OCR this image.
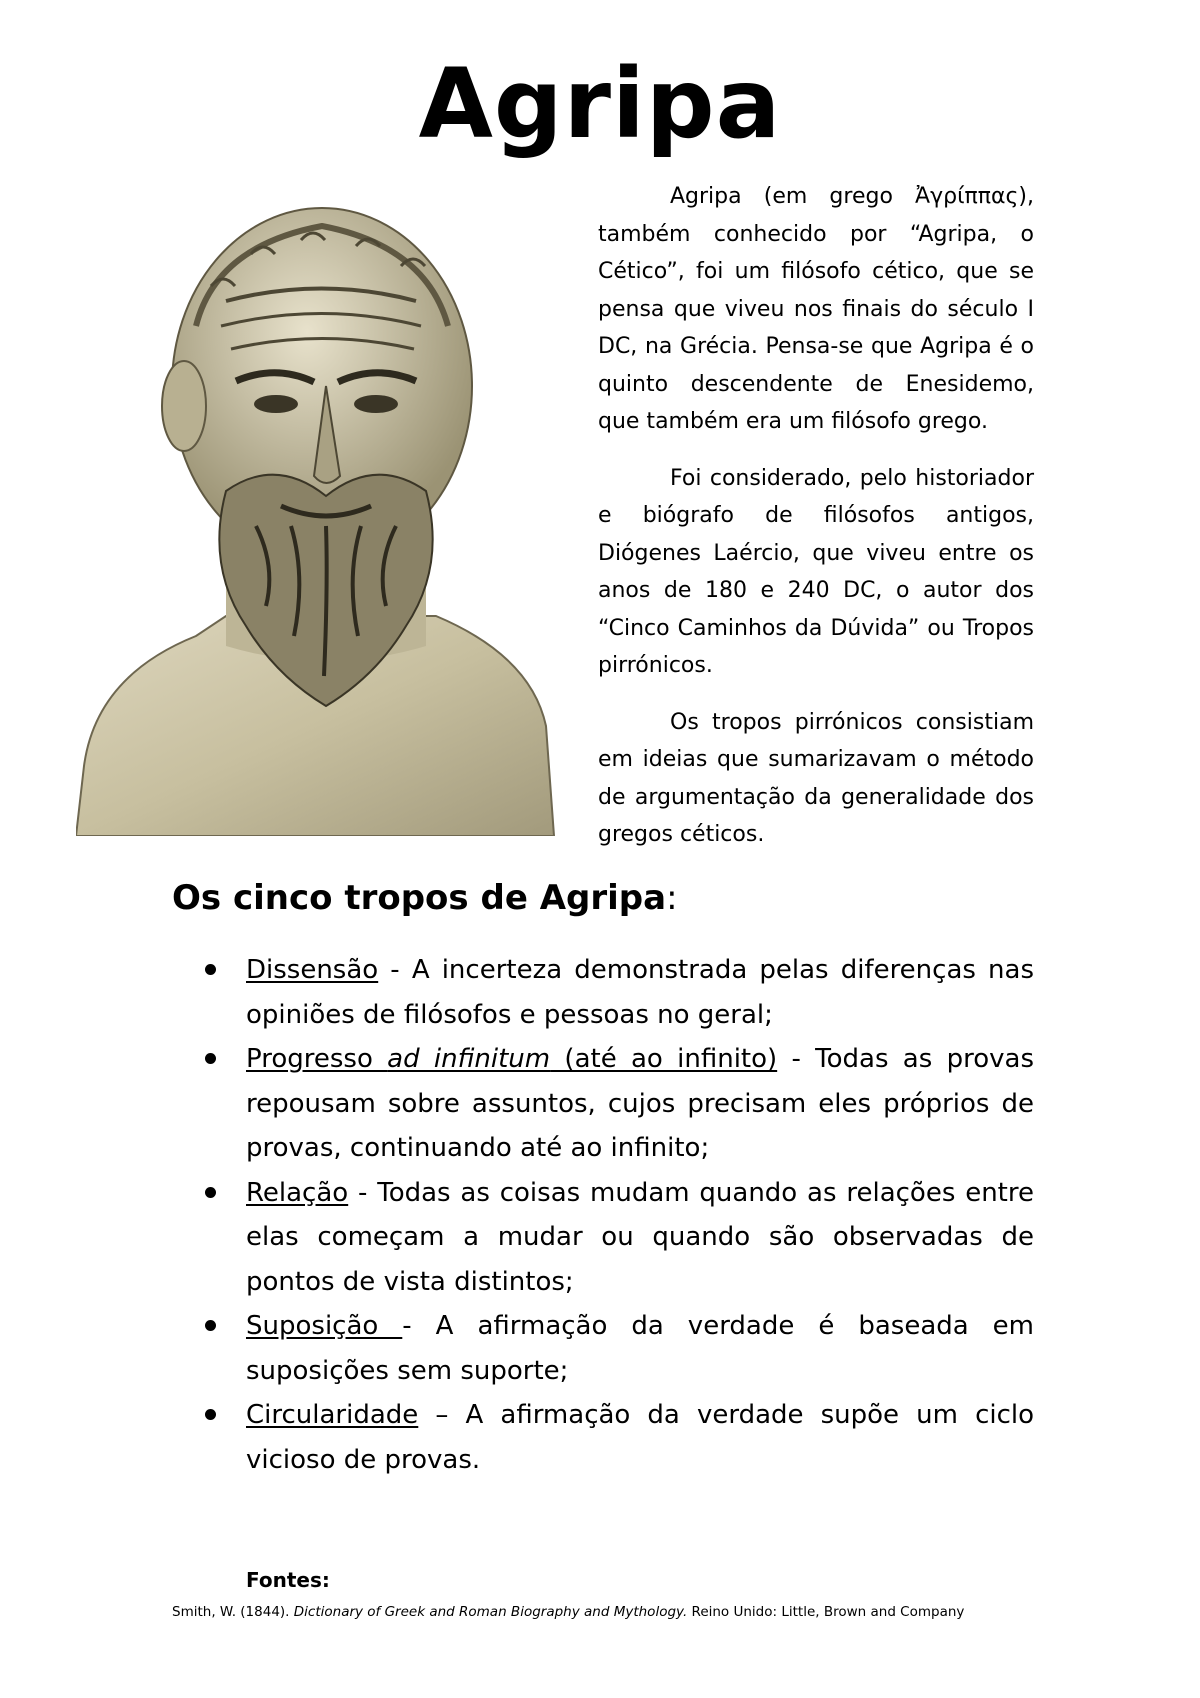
Agripa

Agripa (em grego Ἀγρίππας), também conhecido por “Agripa, o Cético”, foi um filósofo cético, que se pensa que viveu nos finais do século I DC, na Grécia. Pensa-se que Agripa é o quinto descendente de Enesidemo, que também era um filósofo grego.

Foi considerado, pelo historiador e biógrafo de filósofos antigos, Diógenes Laércio, que viveu entre os anos de 180 e 240 DC, o autor dos “Cinco Caminhos da Dúvida” ou Tropos pirrónicos.

Os tropos pirrónicos consistiam em ideias que sumarizavam o método de argumentação da generalidade dos gregos céticos.

Os cinco tropos de Agripa:
Dissensão - A incerteza demonstrada pelas diferenças nas opiniões de filósofos e pessoas no geral;
Progresso ad infinitum (até ao infinito) - Todas as provas repousam sobre assuntos, cujos precisam eles próprios de provas, continuando até ao infinito;
Relação - Todas as coisas mudam quando as relações entre elas começam a mudar ou quando são observadas de pontos de vista distintos;
Suposição - A afirmação da verdade é baseada em suposições sem suporte;
Circularidade – A afirmação da verdade supõe um ciclo vicioso de provas.
Fontes:
Smith, W. (1844). Dictionary of Greek and Roman Biography and Mythology. Reino Unido: Little, Brown and Company
